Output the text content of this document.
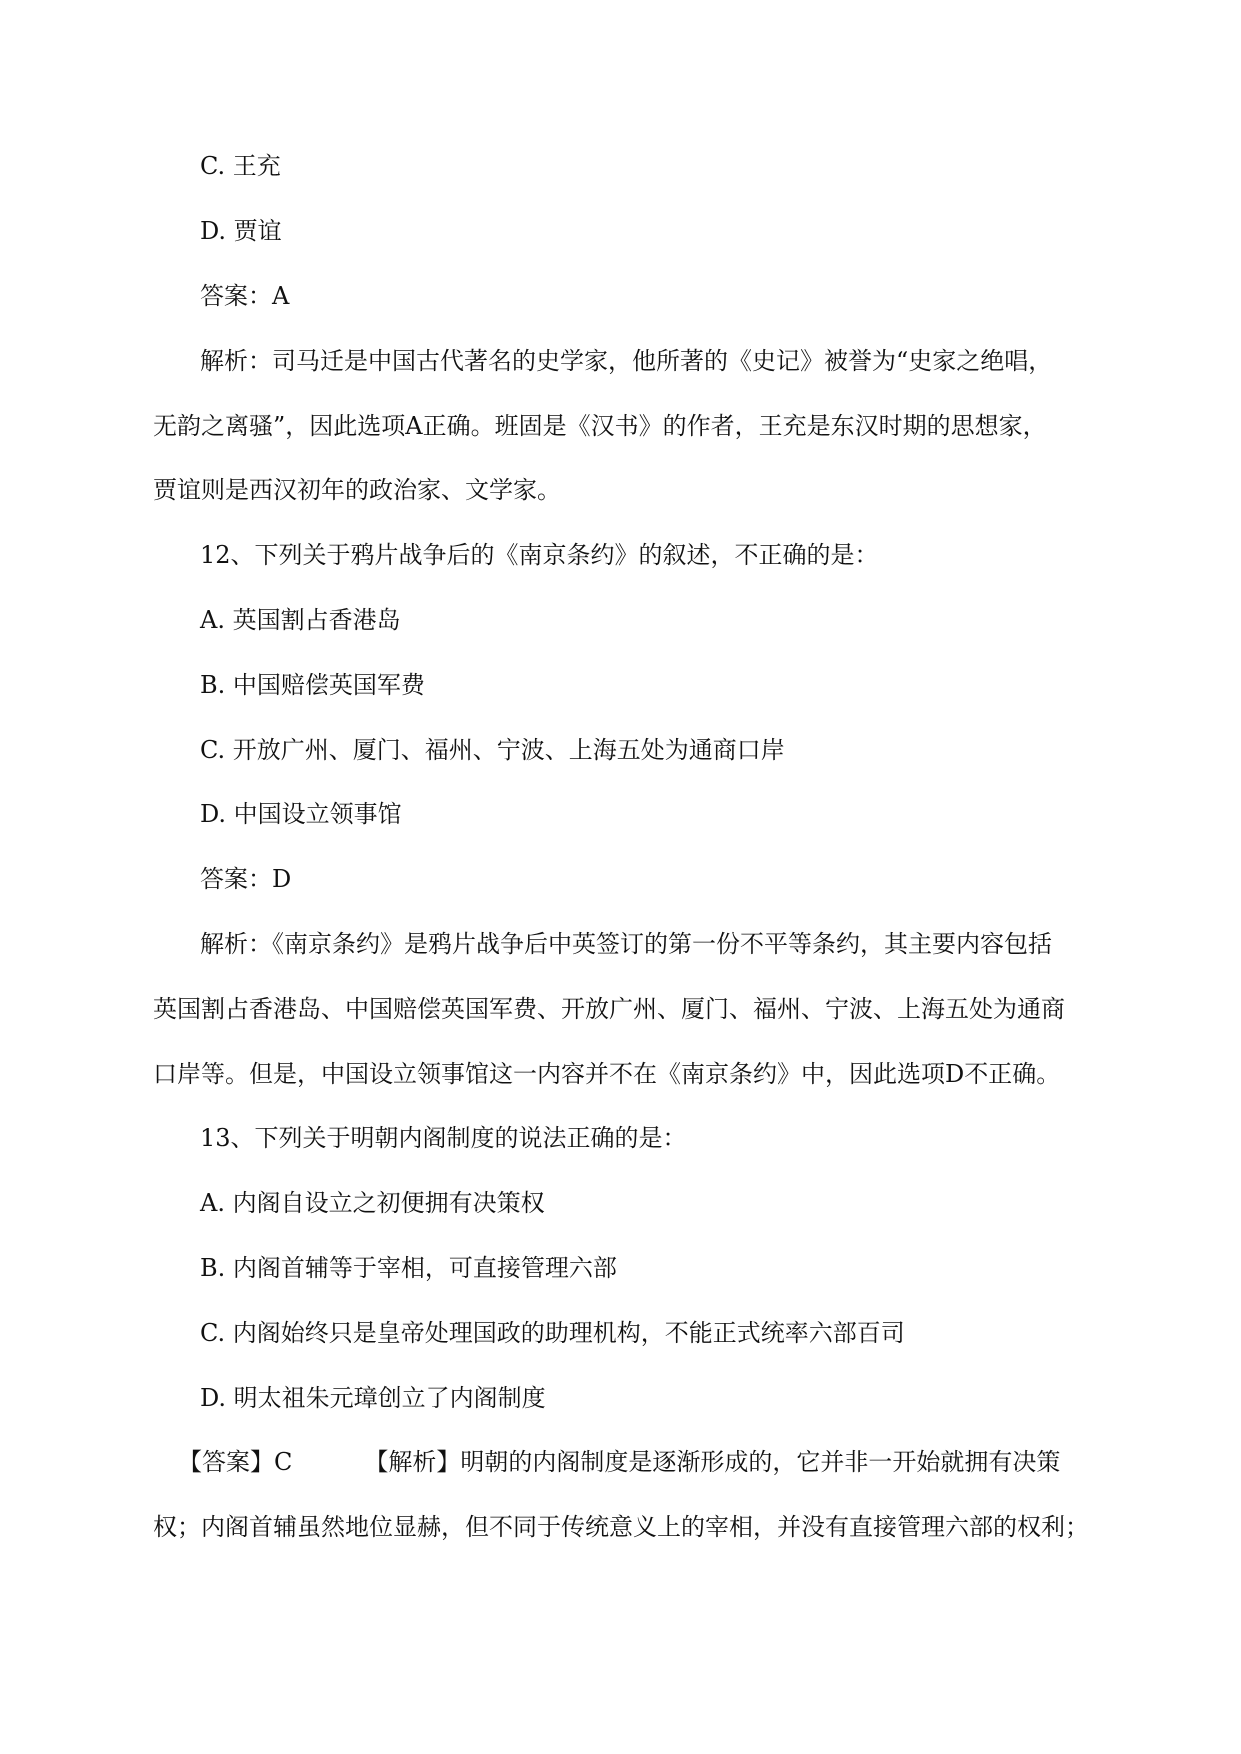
C. 王充
D. 贾谊
答案：A
解析：司马迁是中国古代著名的史学家，他所著的《史记》被誉为“史家之绝唱，
无韵之离骚”，因此选项A正确。班固是《汉书》的作者，王充是东汉时期的思想家，
贾谊则是西汉初年的政治家、文学家。
12、下列关于鸦片战争后的《南京条约》的叙述，不正确的是：
A. 英国割占香港岛
B. 中国赔偿英国军费
C. 开放广州、厦门、福州、宁波、上海五处为通商口岸
D. 中国设立领事馆
答案：D
解析：《南京条约》是鸦片战争后中英签订的第一份不平等条约，其主要内容包括
英国割占香港岛、中国赔偿英国军费、开放广州、厦门、福州、宁波、上海五处为通商
口岸等。但是，中国设立领事馆这一内容并不在《南京条约》中，因此选项D不正确。
13、下列关于明朝内阁制度的说法正确的是：
A. 内阁自设立之初便拥有决策权
B. 内阁首辅等于宰相，可直接管理六部
C. 内阁始终只是皇帝处理国政的助理机构，不能正式统率六部百司
D. 明太祖朱元璋创立了内阁制度
【答案】C	【解析】明朝的内阁制度是逐渐形成的，它并非一开始就拥有决策
权；内阁首辅虽然地位显赫，但不同于传统意义上的宰相，并没有直接管理六部的权利；
